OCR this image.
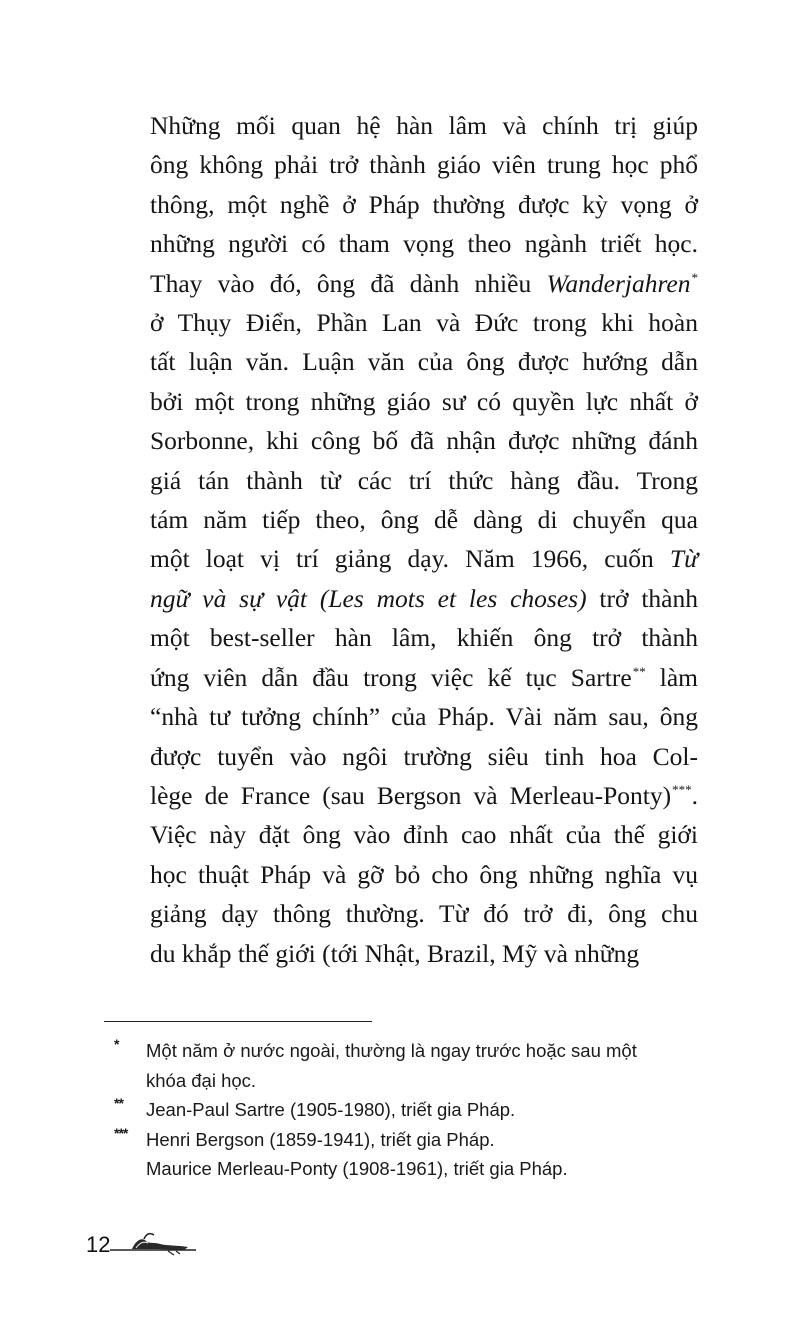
Những mối quan hệ hàn lâm và chính trị giúp
ông không phải trở thành giáo viên trung học phổ
thông, một nghề ở Pháp thường được kỳ vọng ở
những người có tham vọng theo ngành triết học.
Thay vào đó, ông đã dành nhiều Wanderjahren*
ở Thụy Điển, Phần Lan và Đức trong khi hoàn
tất luận văn. Luận văn của ông được hướng dẫn
bởi một trong những giáo sư có quyền lực nhất ở
Sorbonne, khi công bố đã nhận được những đánh
giá tán thành từ các trí thức hàng đầu. Trong
tám năm tiếp theo, ông dễ dàng di chuyển qua
một loạt vị trí giảng dạy. Năm 1966, cuốn Từ
ngữ và sự vật (Les mots et les choses) trở thành
một best-seller hàn lâm, khiến ông trở thành
ứng viên dẫn đầu trong việc kế tục Sartre** làm
“nhà tư tưởng chính” của Pháp. Vài năm sau, ông
được tuyển vào ngôi trường siêu tinh hoa Col-
lège de France (sau Bergson và Merleau-Ponty)***.
Việc này đặt ông vào đỉnh cao nhất của thế giới
học thuật Pháp và gỡ bỏ cho ông những nghĩa vụ
giảng dạy thông thường. Từ đó trở đi, ông chu
du khắp thế giới (tới Nhật, Brazil, Mỹ và những
* Một năm ở nước ngoài, thường là ngay trước hoặc sau một
khóa đại học.
** Jean-Paul Sartre (1905-1980), triết gia Pháp.
*** Henri Bergson (1859-1941), triết gia Pháp.
Maurice Merleau-Ponty (1908-1961), triết gia Pháp.
12
